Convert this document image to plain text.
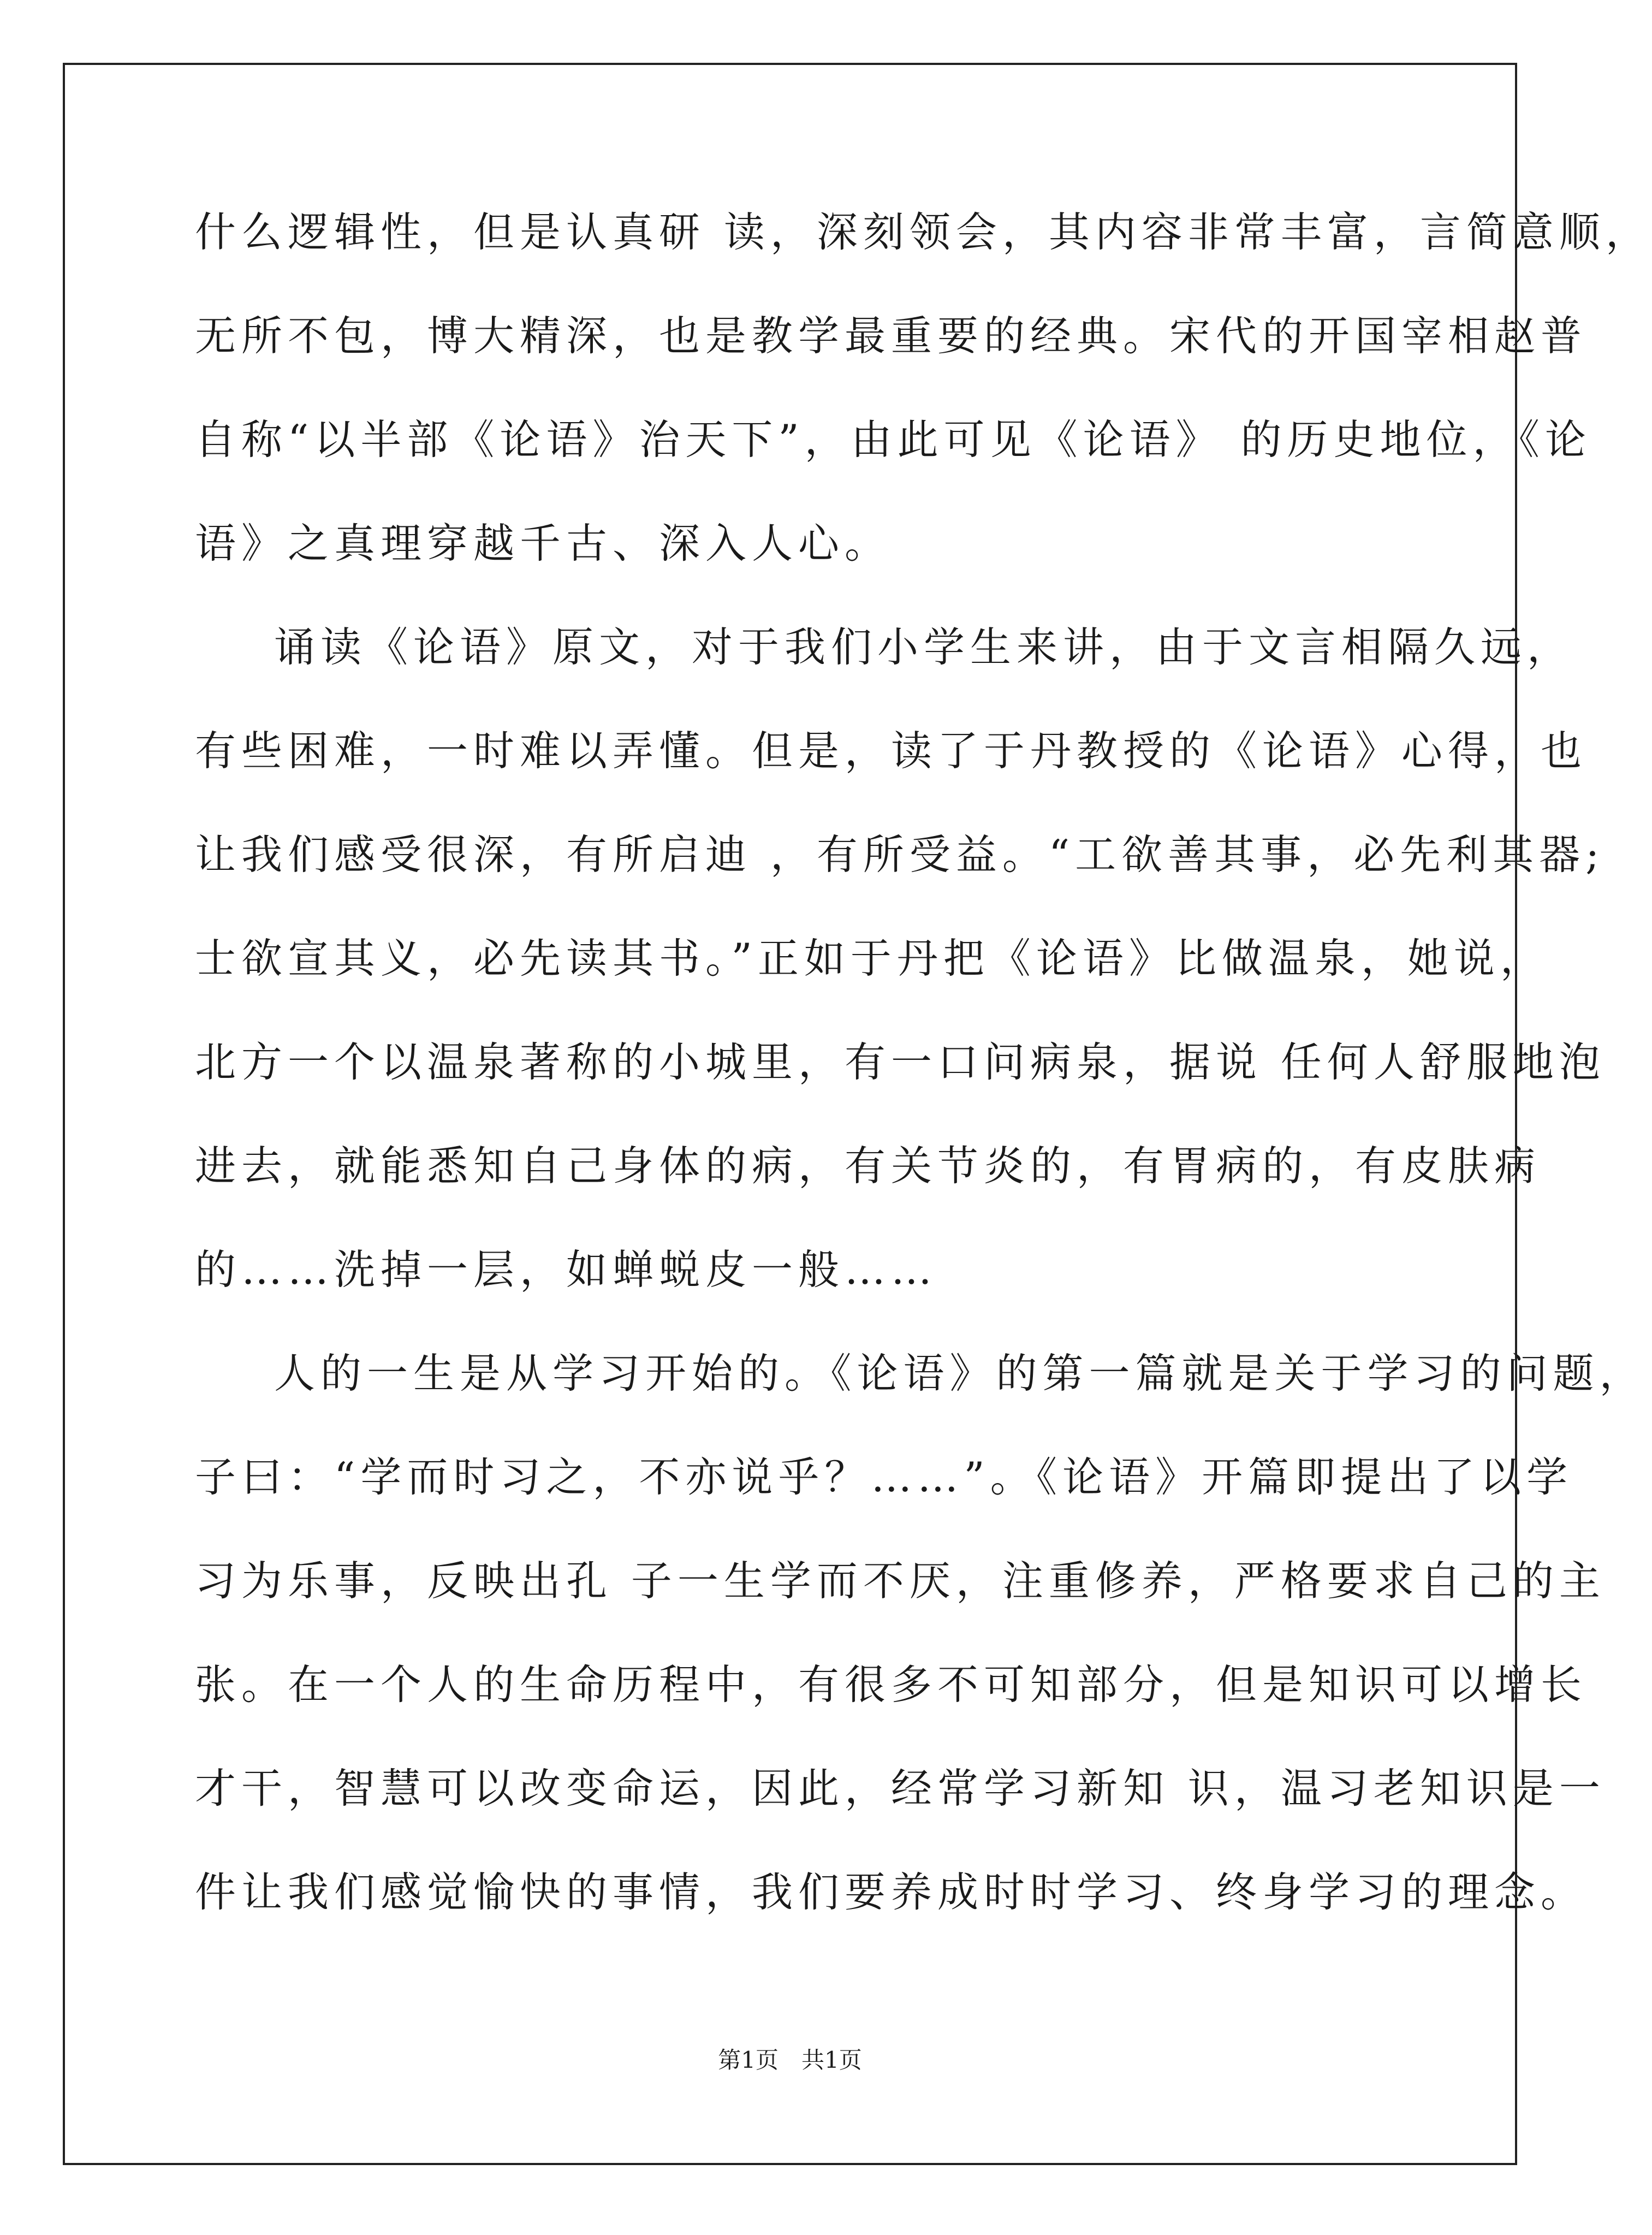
什么逻辑性，但是认真研 读，深刻领会，其内容非常丰富，言简意顺，
无所不包，博大精深，也是教学最重要的经典。宋代的开国宰相赵普
自称“以半部《论语》治天下”，由此可见《论语》 的历史地位，《论
语》之真理穿越千古、深入人心。
诵读《论语》原文，对于我们小学生来讲，由于文言相隔久远，
有些困难，一时难以弄懂。但是，读了于丹教授的《论语》心得，也
让我们感受很深，有所启迪 ，有所受益。“工欲善其事，必先利其器;
士欲宣其义，必先读其书。”正如于丹把《论语》比做温泉，她说，
北方一个以温泉著称的小城里，有一口问病泉，据说 任何人舒服地泡
进去，就能悉知自己身体的病，有关节炎的，有胃病的，有皮肤病
的……洗掉一层，如蝉蜕皮一般……
人的一生是从学习开始的。《论语》的第一篇就是关于学习的问题，
子曰：“学而时习之，不亦说乎？……”。《论语》开篇即提出了以学
习为乐事，反映出孔 子一生学而不厌，注重修养，严格要求自己的主
张。在一个人的生命历程中，有很多不可知部分，但是知识可以增长
才干，智慧可以改变命运，因此，经常学习新知 识，温习老知识是一
件让我们感觉愉快的事情，我们要养成时时学习、终身学习的理念。
第1页　共1页
